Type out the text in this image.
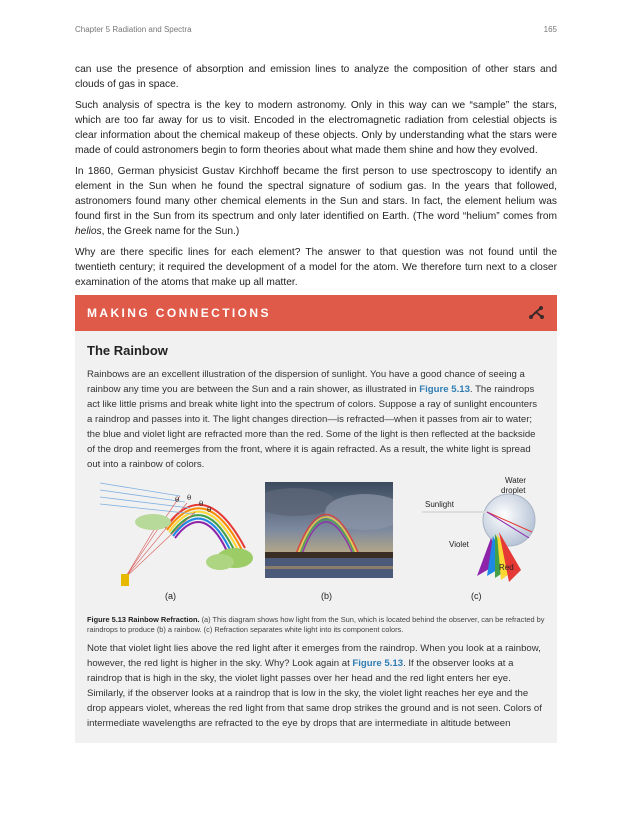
Chapter 5 Radiation and Spectra	165

can use the presence of absorption and emission lines to analyze the composition of other stars and clouds of gas in space.

Such analysis of spectra is the key to modern astronomy. Only in this way can we “sample” the stars, which are too far away for us to visit. Encoded in the electromagnetic radiation from celestial objects is clear information about the chemical makeup of these objects. Only by understanding what the stars were made of could astronomers begin to form theories about what made them shine and how they evolved.

In 1860, German physicist Gustav Kirchhoff became the first person to use spectroscopy to identify an element in the Sun when he found the spectral signature of sodium gas. In the years that followed, astronomers found many other chemical elements in the Sun and stars. In fact, the element helium was found first in the Sun from its spectrum and only later identified on Earth. (The word “helium” comes from helios, the Greek name for the Sun.)

Why are there specific lines for each element? The answer to that question was not found until the twentieth century; it required the development of a model for the atom. We therefore turn next to a closer examination of the atoms that make up all matter.

MAKING CONNECTIONS
The Rainbow

Rainbows are an excellent illustration of the dispersion of sunlight. You have a good chance of seeing a rainbow any time you are between the Sun and a rain shower, as illustrated in Figure 5.13. The raindrops act like little prisms and break white light into the spectrum of colors. Suppose a ray of sunlight encounters a raindrop and passes into it. The light changes direction—is refracted—when it passes from air to water; the blue and violet light are refracted more than the red. Some of the light is then reflected at the backside of the drop and reemerges from the front, where it is again refracted. As a result, the white light is spread out into a rainbow of colors.

θ θ
θ
θ
Water
droplet
Sunlight
Violet
Red
(a)	(b)	(c)
Figure 5.13 Rainbow Refraction. (a) This diagram shows how light from the Sun, which is located behind the observer, can be refracted by raindrops to produce (b) a rainbow. (c) Refraction separates white light into its component colors.

Note that violet light lies above the red light after it emerges from the raindrop. When you look at a rainbow, however, the red light is higher in the sky. Why? Look again at Figure 5.13. If the observer looks at a raindrop that is high in the sky, the violet light passes over her head and the red light enters her eye. Similarly, if the observer looks at a raindrop that is low in the sky, the violet light reaches her eye and the drop appears violet, whereas the red light from that same drop strikes the ground and is not seen. Colors of intermediate wavelengths are refracted to the eye by drops that are intermediate in altitude between
